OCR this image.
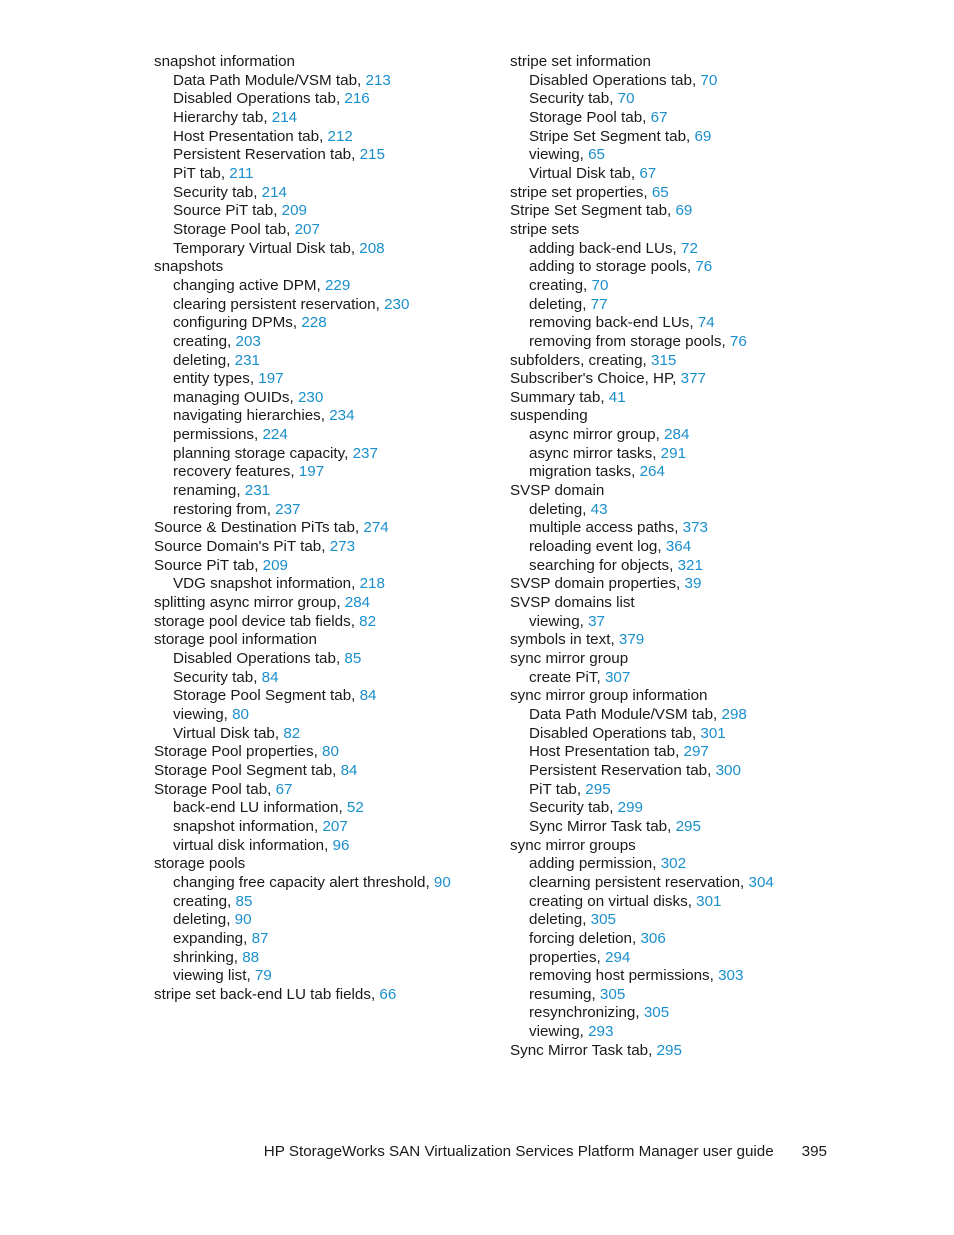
snapshot information
Data Path Module/VSM tab, 213
Disabled Operations tab, 216
Hierarchy tab, 214
Host Presentation tab, 212
Persistent Reservation tab, 215
PiT tab, 211
Security tab, 214
Source PiT tab, 209
Storage Pool tab, 207
Temporary Virtual Disk tab, 208
snapshots
changing active DPM, 229
clearing persistent reservation, 230
configuring DPMs, 228
creating, 203
deleting, 231
entity types, 197
managing OUIDs, 230
navigating hierarchies, 234
permissions, 224
planning storage capacity, 237
recovery features, 197
renaming, 231
restoring from, 237
Source & Destination PiTs tab, 274
Source Domain's PiT tab, 273
Source PiT tab, 209
VDG snapshot information, 218
splitting async mirror group, 284
storage pool device tab fields, 82
storage pool information
Disabled Operations tab, 85
Security tab, 84
Storage Pool Segment tab, 84
viewing, 80
Virtual Disk tab, 82
Storage Pool properties, 80
Storage Pool Segment tab, 84
Storage Pool tab, 67
back-end LU information, 52
snapshot information, 207
virtual disk information, 96
storage pools
changing free capacity alert threshold, 90
creating, 85
deleting, 90
expanding, 87
shrinking, 88
viewing list, 79
stripe set back-end LU tab fields, 66
stripe set information
Disabled Operations tab, 70
Security tab, 70
Storage Pool tab, 67
Stripe Set Segment tab, 69
viewing, 65
Virtual Disk tab, 67
stripe set properties, 65
Stripe Set Segment tab, 69
stripe sets
adding back-end LUs, 72
adding to storage pools, 76
creating, 70
deleting, 77
removing back-end LUs, 74
removing from storage pools, 76
subfolders, creating, 315
Subscriber's Choice, HP, 377
Summary tab, 41
suspending
async mirror group, 284
async mirror tasks, 291
migration tasks, 264
SVSP domain
deleting, 43
multiple access paths, 373
reloading event log, 364
searching for objects, 321
SVSP domain properties, 39
SVSP domains list
viewing, 37
symbols in text, 379
sync mirror group
create PiT, 307
sync mirror group information
Data Path Module/VSM tab, 298
Disabled Operations tab, 301
Host Presentation tab, 297
Persistent Reservation tab, 300
PiT tab, 295
Security tab, 299
Sync Mirror Task tab, 295
sync mirror groups
adding permission, 302
clearning persistent reservation, 304
creating on virtual disks, 301
deleting, 305
forcing deletion, 306
properties, 294
removing host permissions, 303
resuming, 305
resynchronizing, 305
viewing, 293
Sync Mirror Task tab, 295
HP StorageWorks SAN Virtualization Services Platform Manager user guide 395
